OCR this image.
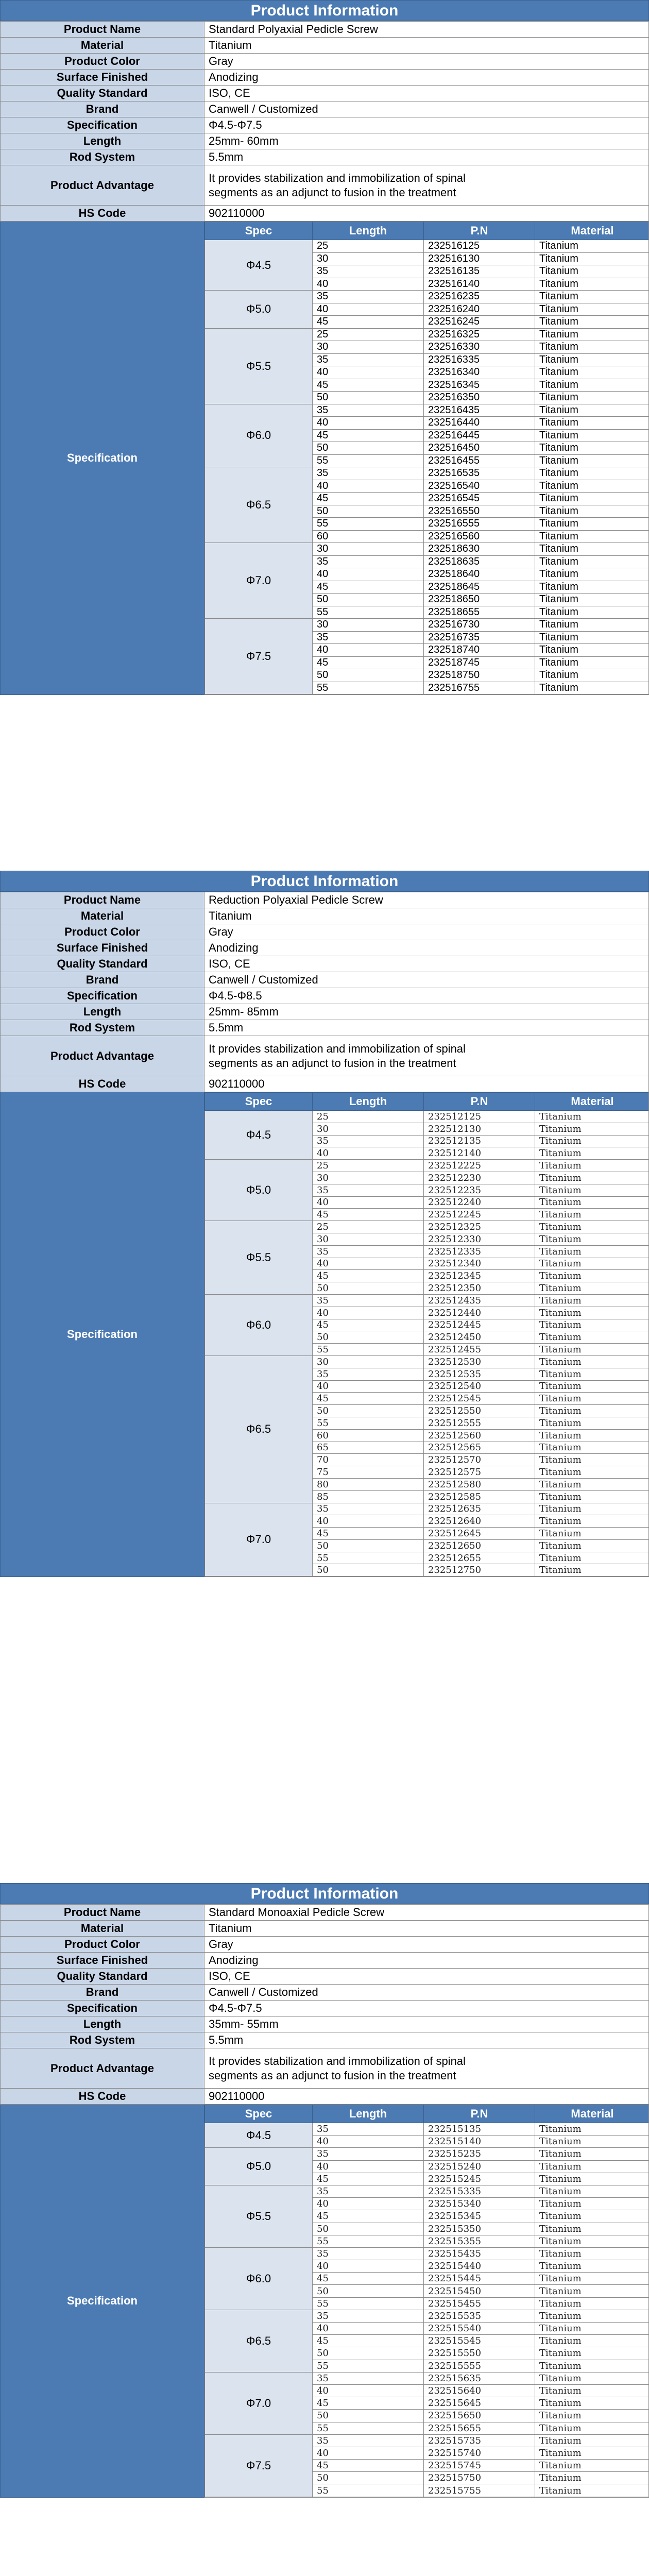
Product Information
Product Name	Standard Polyaxial Pedicle Screw
Material	Titanium
Product Color	Gray
Surface Finished	Anodizing
Quality Standard	ISO, CE
Brand	Canwell / Customized
Specification	Φ4.5-Φ7.5
Length	25mm- 60mm
Rod System	5.5mm
Product Advantage	It provides stabilization and immobilization of spinal segments as an adjunct to fusion in the treatment
HS Code	902110000
Specification	
Spec	Length	P.N	Material
Φ4.5	25	232516125	Titanium
30	232516130	Titanium
35	232516135	Titanium
40	232516140	Titanium
Φ5.0	35	232516235	Titanium
40	232516240	Titanium
45	232516245	Titanium
Φ5.5	25	232516325	Titanium
30	232516330	Titanium
35	232516335	Titanium
40	232516340	Titanium
45	232516345	Titanium
50	232516350	Titanium
Φ6.0	35	232516435	Titanium
40	232516440	Titanium
45	232516445	Titanium
50	232516450	Titanium
55	232516455	Titanium
Φ6.5	35	232516535	Titanium
40	232516540	Titanium
45	232516545	Titanium
50	232516550	Titanium
55	232516555	Titanium
60	232516560	Titanium
Φ7.0	30	232518630	Titanium
35	232518635	Titanium
40	232518640	Titanium
45	232518645	Titanium
50	232518650	Titanium
55	232518655	Titanium
Φ7.5	30	232516730	Titanium
35	232516735	Titanium
40	232518740	Titanium
45	232518745	Titanium
50	232518750	Titanium
55	232516755	Titanium
Product Information
Product Name	Reduction Polyaxial Pedicle Screw
Material	Titanium
Product Color	Gray
Surface Finished	Anodizing
Quality Standard	ISO, CE
Brand	Canwell / Customized
Specification	Φ4.5-Φ8.5
Length	25mm- 85mm
Rod System	5.5mm
Product Advantage	It provides stabilization and immobilization of spinal segments as an adjunct to fusion in the treatment
HS Code	902110000
Specification	
Spec	Length	P.N	Material
Φ4.5	25	232512125	Titanium
30	232512130	Titanium
35	232512135	Titanium
40	232512140	Titanium
Φ5.0	25	232512225	Titanium
30	232512230	Titanium
35	232512235	Titanium
40	232512240	Titanium
45	232512245	Titanium
Φ5.5	25	232512325	Titanium
30	232512330	Titanium
35	232512335	Titanium
40	232512340	Titanium
45	232512345	Titanium
50	232512350	Titanium
Φ6.0	35	232512435	Titanium
40	232512440	Titanium
45	232512445	Titanium
50	232512450	Titanium
55	232512455	Titanium
Φ6.5	30	232512530	Titanium
35	232512535	Titanium
40	232512540	Titanium
45	232512545	Titanium
50	232512550	Titanium
55	232512555	Titanium
60	232512560	Titanium
65	232512565	Titanium
70	232512570	Titanium
75	232512575	Titanium
80	232512580	Titanium
85	232512585	Titanium
Φ7.0	35	232512635	Titanium
40	232512640	Titanium
45	232512645	Titanium
50	232512650	Titanium
55	232512655	Titanium
50	232512750	Titanium
Product Information
Product Name	Standard Monoaxial Pedicle Screw
Material	Titanium
Product Color	Gray
Surface Finished	Anodizing
Quality Standard	ISO, CE
Brand	Canwell / Customized
Specification	Φ4.5-Φ7.5
Length	35mm- 55mm
Rod System	5.5mm
Product Advantage	It provides stabilization and immobilization of spinal segments as an adjunct to fusion in the treatment
HS Code	902110000
Specification	
Spec	Length	P.N	Material
Φ4.5	35	232515135	Titanium
40	232515140	Titanium
Φ5.0	35	232515235	Titanium
40	232515240	Titanium
45	232515245	Titanium
Φ5.5	35	232515335	Titanium
40	232515340	Titanium
45	232515345	Titanium
50	232515350	Titanium
55	232515355	Titanium
Φ6.0	35	232515435	Titanium
40	232515440	Titanium
45	232515445	Titanium
50	232515450	Titanium
55	232515455	Titanium
Φ6.5	35	232515535	Titanium
40	232515540	Titanium
45	232515545	Titanium
50	232515550	Titanium
55	232515555	Titanium
Φ7.0	35	232515635	Titanium
40	232515640	Titanium
45	232515645	Titanium
50	232515650	Titanium
55	232515655	Titanium
Φ7.5	35	232515735	Titanium
40	232515740	Titanium
45	232515745	Titanium
50	232515750	Titanium
55	232515755	Titanium
